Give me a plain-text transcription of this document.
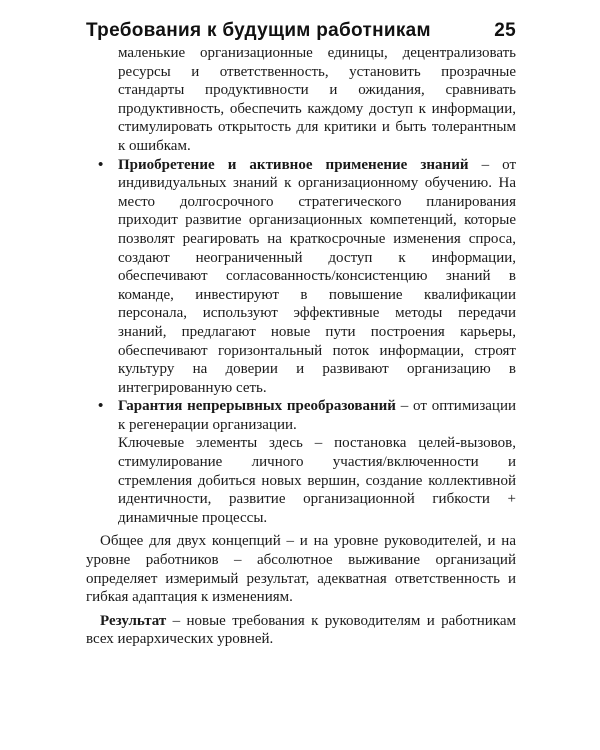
Требования к будущим работникам	25

маленькие организационные единицы, децентрализовать ресурсы и ответственность, установить прозрачные стандарты продуктивности и ожидания, сравнивать продуктивность, обеспечить каждому доступ к информации, стимулировать открытость для критики и быть толерантным к ошибкам.

• Приобретение и активное применение знаний – от индивидуальных знаний к организационному обучению. На место долгосрочного стратегического планирования приходит развитие организационных компетенций, которые позволят реагировать на краткосрочные изменения спроса, создают неограниченный доступ к информации, обеспечивают согласованность/консистенцию знаний в команде, инвестируют в повышение квалификации персонала, используют эффективные методы передачи знаний, предлагают новые пути построения карьеры, обеспечивают горизонтальный поток информации, строят культуру на доверии и развивают организацию в интегрированную сеть.

• Гарантия непрерывных преобразований – от оптимизации к регенерации организации.

Ключевые элементы здесь – постановка целей-вызовов, стимулирование личного участия/включенности и стремления добиться новых вершин, создание коллективной идентичности, развитие организационной гибкости + динамичные процессы.

Общее для двух концепций – и на уровне руководителей, и на уровне работников – абсолютное выживание организаций определяет измеримый результат, адекватная ответственность и гибкая адаптация к изменениям.

Результат – новые требования к руководителям и работникам всех иерархических уровней.
